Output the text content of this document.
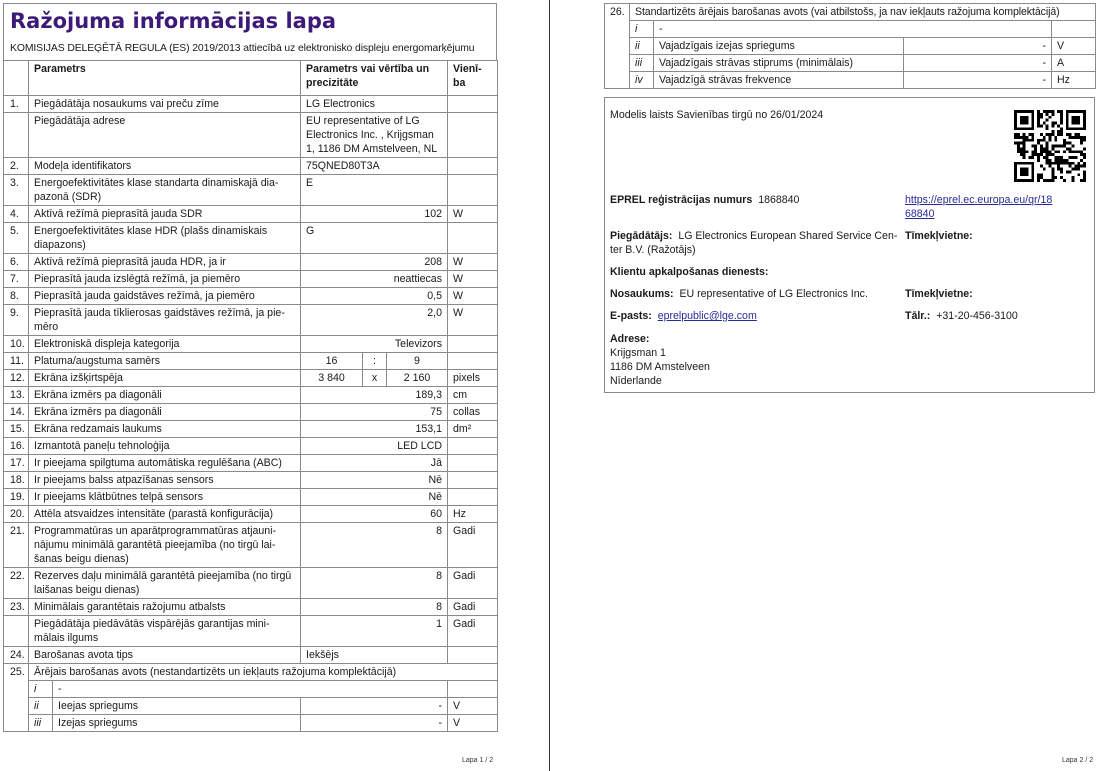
Ražojuma informācijas lapa
KOMISIJAS DELEĢĒTĀ REGULA (ES) 2019/2013 attiecībā uz elektronisko displeju energomarķējumu
	Parametrs	Parametrs vai vērtība un precizitāte			Vienī-ba
1.	Piegādātāja nosaukums vai preču zīme	LG Electronics			
	Piegādātāja adrese	EU representative of LG Electronics Inc. , Krijgsman 1, 1186 DM Amstelveen, NL			
2.	Modeļa identifikators	75QNED80T3A			
3.	Energoefektivitātes klase standarta dinamiskajā dia-pazonā (SDR)	E			
4.	Aktīvā režīmā pieprasītā jauda SDR	102			W
5.	Energoefektivitātes klase HDR (plašs dinamiskais diapazons)	G			
6.	Aktīvā režīmā pieprasītā jauda HDR, ja ir	208			W
7.	Pieprasītā jauda izslēgtā režīmā, ja piemēro	neattiecas			W
8.	Pieprasītā jauda gaidstāves režīmā, ja piemēro	0,5			W
9.	Pieprasītā jauda tīklierosas gaidstāves režīmā, ja pie-mēro	2,0			W
10.	Elektroniskā displeja kategorija	Televizors			
11.	Platuma/augstuma samērs	16	:	9	
12.	Ekrāna izšķirtspēja	3 840	x	2 160	pixels
13.	Ekrāna izmērs pa diagonāli	189,3			cm
14.	Ekrāna izmērs pa diagonāli	75			collas
15.	Ekrāna redzamais laukums	153,1			dm²
16.	Izmantotā paneļu tehnoloģija	LED LCD			
17.	Ir pieejama spilgtuma automātiska regulēšana (ABC)	Jā			
18.	Ir pieejams balss atpazīšanas sensors	Nē			
19.	Ir pieejams klātbūtnes telpā sensors	Nē			
20.	Attēla atsvaidzes intensitāte (parastā konfigurācija)	60			Hz
21.	Programmatūras un aparātprogrammatūras atjauni-nājumu minimālā garantētā pieejamība (no tirgū lai-šanas beigu dienas)	8			Gadi
22.	Rezerves daļu minimālā garantētā pieejamība (no tirgū laišanas beigu dienas)	8			Gadi
23.	Minimālais garantētais ražojumu atbalsts	8			Gadi
	Piegādātāja piedāvātās vispārējās garantijas mini-mālais ilgums	1			Gadi
24.	Barošanas avota tips	Iekšējs			
25.	Ārējais barošanas avots (nestandartizēts un iekļauts ražojuma komplektācijā)			
	i	-		
	ii	Ieejas spriegums	-	V
	iii	Izejas spriegums	-	V
Lapa 1 / 2
26.	Standartizēts ārējais barošanas avots (vai atbilstošs, ja nav iekļauts ražojuma komplektācijā)			
	i	-		
	ii	Vajadzīgais izejas spriegums	-	V
	iii	Vajadzīgais strāvas stiprums (minimālais)	-	A
	iv	Vajadzīgā strāvas frekvence	-	Hz
Modelis laists Savienības tirgū no 26/01/2024
EPREL reģistrācijas numurs 1868840	https://eprel.ec.europa.eu/qr/18
68840
Piegādātājs: LG Electronics European Shared Service Cen-
ter B.V. (Ražotājs)
Tīmekļvietne:
Klientu apkalpošanas dienests:
Nosaukums: EU representative of LG Electronics Inc.	Tīmekļvietne:
E-pasts: eprelpublic@lge.com	Tālr.: +31-20-456-3100
Adrese:
Krijgsman 1
1186 DM Amstelveen
Nīderlande
Lapa 2 / 2
